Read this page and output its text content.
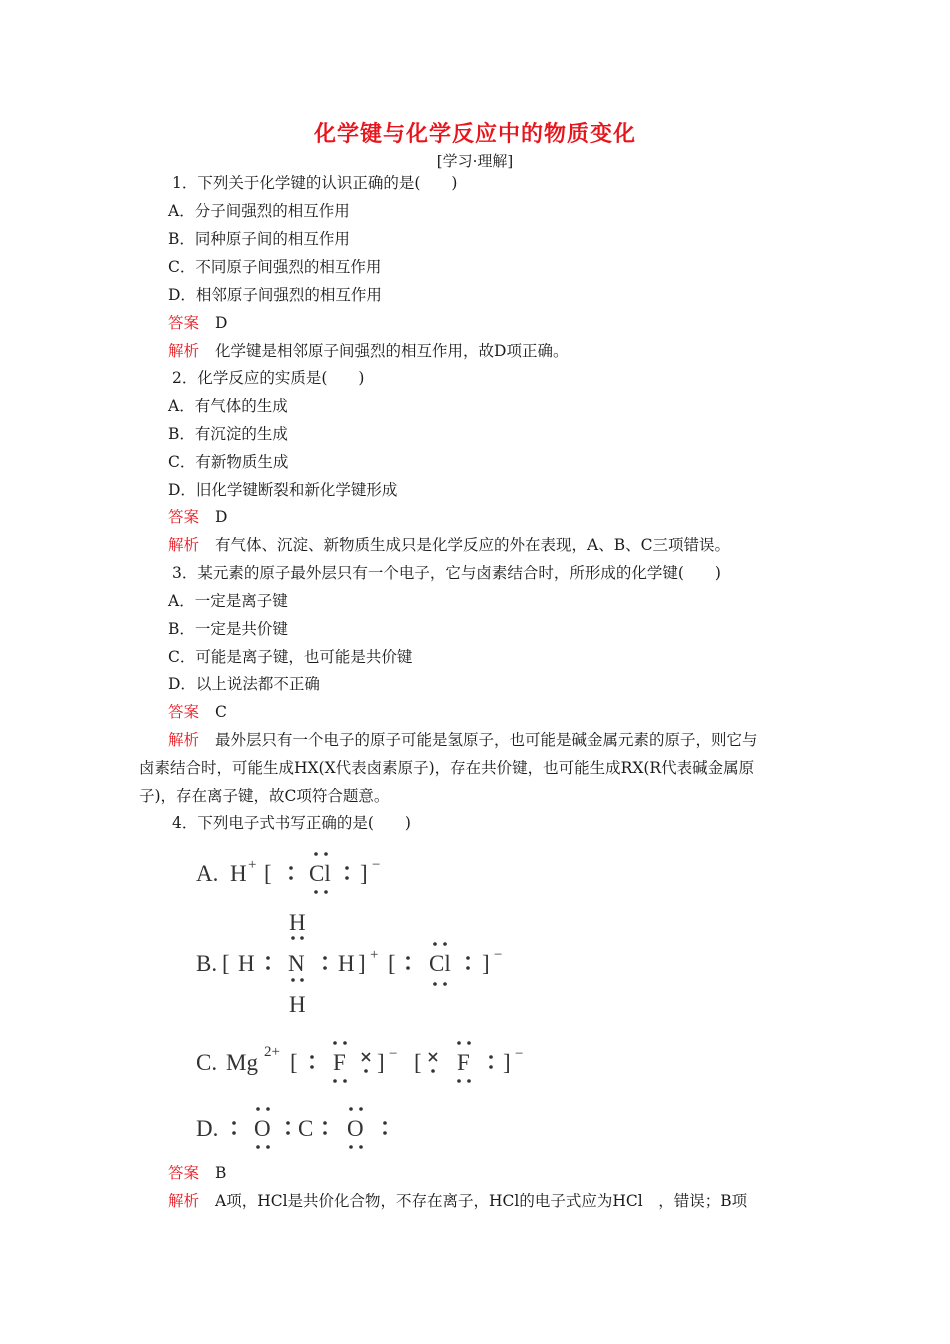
化学键与化学反应中的物质变化
[学习·理解]
1．下列关于化学键的认识正确的是(　　)
A．分子间强烈的相互作用
B．同种原子间的相互作用
C．不同原子间强烈的相互作用
D．相邻原子间强烈的相互作用
答案 D
解析 化学键是相邻原子间强烈的相互作用，故D项正确。
2．化学反应的实质是(　　)
A．有气体的生成
B．有沉淀的生成
C．有新物质生成
D．旧化学键断裂和新化学键形成
答案 D
解析 有气体、沉淀、新物质生成只是化学反应的外在表现，A、B、C三项错误。
3．某元素的原子最外层只有一个电子，它与卤素结合时，所形成的化学键(　　)
A．一定是离子键
B．一定是共价键
C．可能是离子键，也可能是共价键
D．以上说法都不正确
答案 C
解析 最外层只有一个电子的原子可能是氢原子，也可能是碱金属元素的原子，则它与
卤素结合时，可能生成HX(X代表卤素原子)，存在共价键，也可能生成RX(R代表碱金属原
子)，存在离子键，故C项符合题意。
4．下列电子式书写正确的是(　　)
A. H + [ Cl ] −
H
B. [ H N H
H
] + [ Cl ] −
C. Mg 2+ [ F ] − [ F ] −
D. O C O
答案 B
解析 A项，HCl是共价化合物，不存在离子，HCl的电子式应为HCl　，错误；B项
